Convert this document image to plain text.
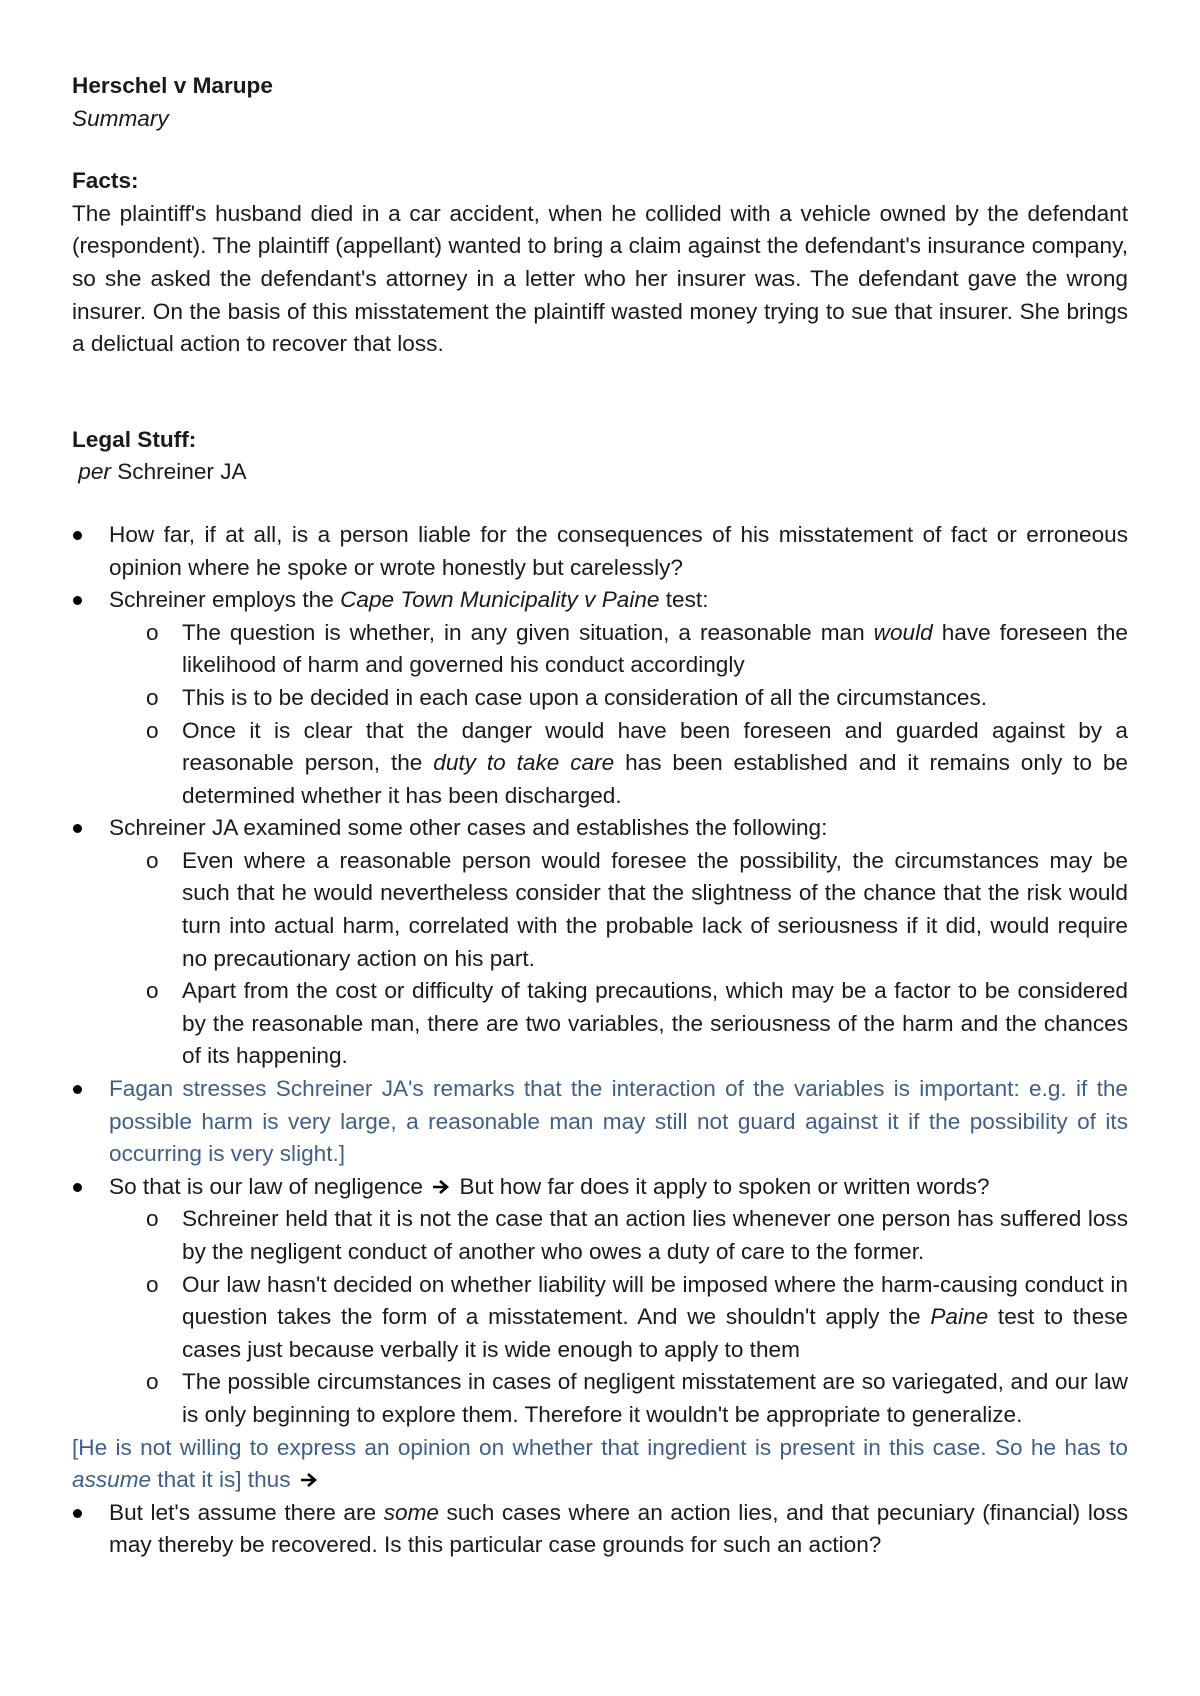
Herschel v Marupe

Summary

Facts:

The plaintiff's husband died in a car accident, when he collided with a vehicle owned by the defendant (respondent). The plaintiff (appellant) wanted to bring a claim against the defendant's insurance company, so she asked the defendant's attorney in a letter who her insurer was. The defendant gave the wrong insurer. On the basis of this misstatement the plaintiff wasted money trying to sue that insurer. She brings a delictual action to recover that loss.

Legal Stuff:

per Schreiner JA

How far, if at all, is a person liable for the consequences of his misstatement of fact or erroneous opinion where he spoke or wrote honestly but carelessly?
Schreiner employs the Cape Town Municipality v Paine test:
o The question is whether, in any given situation, a reasonable man would have foreseen the likelihood of harm and governed his conduct accordingly
o This is to be decided in each case upon a consideration of all the circumstances.
o Once it is clear that the danger would have been foreseen and guarded against by a reasonable person, the duty to take care has been established and it remains only to be determined whether it has been discharged.
Schreiner JA examined some other cases and establishes the following:
o Even where a reasonable person would foresee the possibility, the circumstances may be such that he would nevertheless consider that the slightness of the chance that the risk would turn into actual harm, correlated with the probable lack of seriousness if it did, would require no precautionary action on his part.
o Apart from the cost or difficulty of taking precautions, which may be a factor to be considered by the reasonable man, there are two variables, the seriousness of the harm and the chances of its happening.
Fagan stresses Schreiner JA's remarks that the interaction of the variables is important: e.g. if the possible harm is very large, a reasonable man may still not guard against it if the possibility of its occurring is very slight.]
So that is our law of negligence  But how far does it apply to spoken or written words?
o Schreiner held that it is not the case that an action lies whenever one person has suffered loss by the negligent conduct of another who owes a duty of care to the former.
o Our law hasn't decided on whether liability will be imposed where the harm-causing conduct in question takes the form of a misstatement. And we shouldn't apply the Paine test to these cases just because verbally it is wide enough to apply to them
o The possible circumstances in cases of negligent misstatement are so variegated, and our law is only beginning to explore them. Therefore it wouldn't be appropriate to generalize.

[He is not willing to express an opinion on whether that ingredient is present in this case. So he has to assume that it is] thus

But let's assume there are some such cases where an action lies, and that pecuniary (financial) loss may thereby be recovered. Is this particular case grounds for such an action?
